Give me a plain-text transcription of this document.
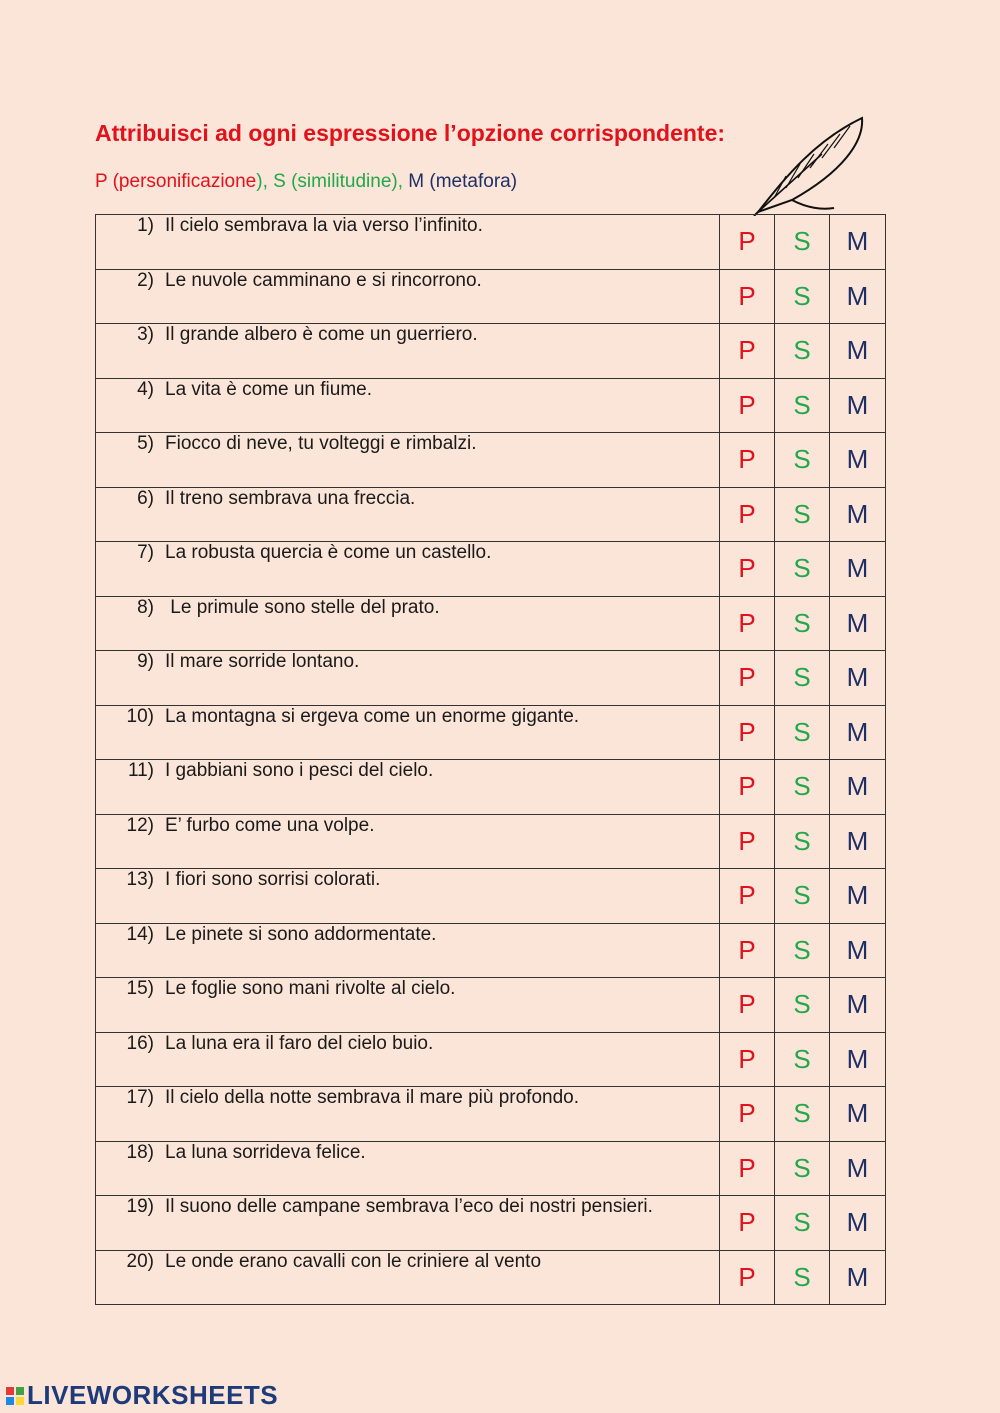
Attribuisci ad ogni espressione l’opzione corrispondente:
P (personificazione), S (similitudine), M (metafora)
1) Il cielo sembrava la via verso l’infinito.	P	S	M
2) Le nuvole camminano e si rincorrono.	P	S	M
3) Il grande albero è come un guerriero.	P	S	M
4) La vita è come un fiume.	P	S	M
5) Fiocco di neve, tu volteggi e rimbalzi.	P	S	M
6) Il treno sembrava una freccia.	P	S	M
7) La robusta quercia è come un castello.	P	S	M
8) Le primule sono stelle del prato.	P	S	M
9) Il mare sorride lontano.	P	S	M
10) La montagna si ergeva come un enorme gigante.	P	S	M
11) I gabbiani sono i pesci del cielo.	P	S	M
12) E’ furbo come una volpe.	P	S	M
13) I fiori sono sorrisi colorati.	P	S	M
14) Le pinete si sono addormentate.	P	S	M
15) Le foglie sono mani rivolte al cielo.	P	S	M
16) La luna era il faro del cielo buio.	P	S	M
17) Il cielo della notte sembrava il mare più profondo.	P	S	M
18) La luna sorrideva felice.	P	S	M
19) Il suono delle campane sembrava l’eco dei nostri pensieri.	P	S	M
20) Le onde erano cavalli con le criniere al vento	P	S	M
LIVEWORKSHEETS
